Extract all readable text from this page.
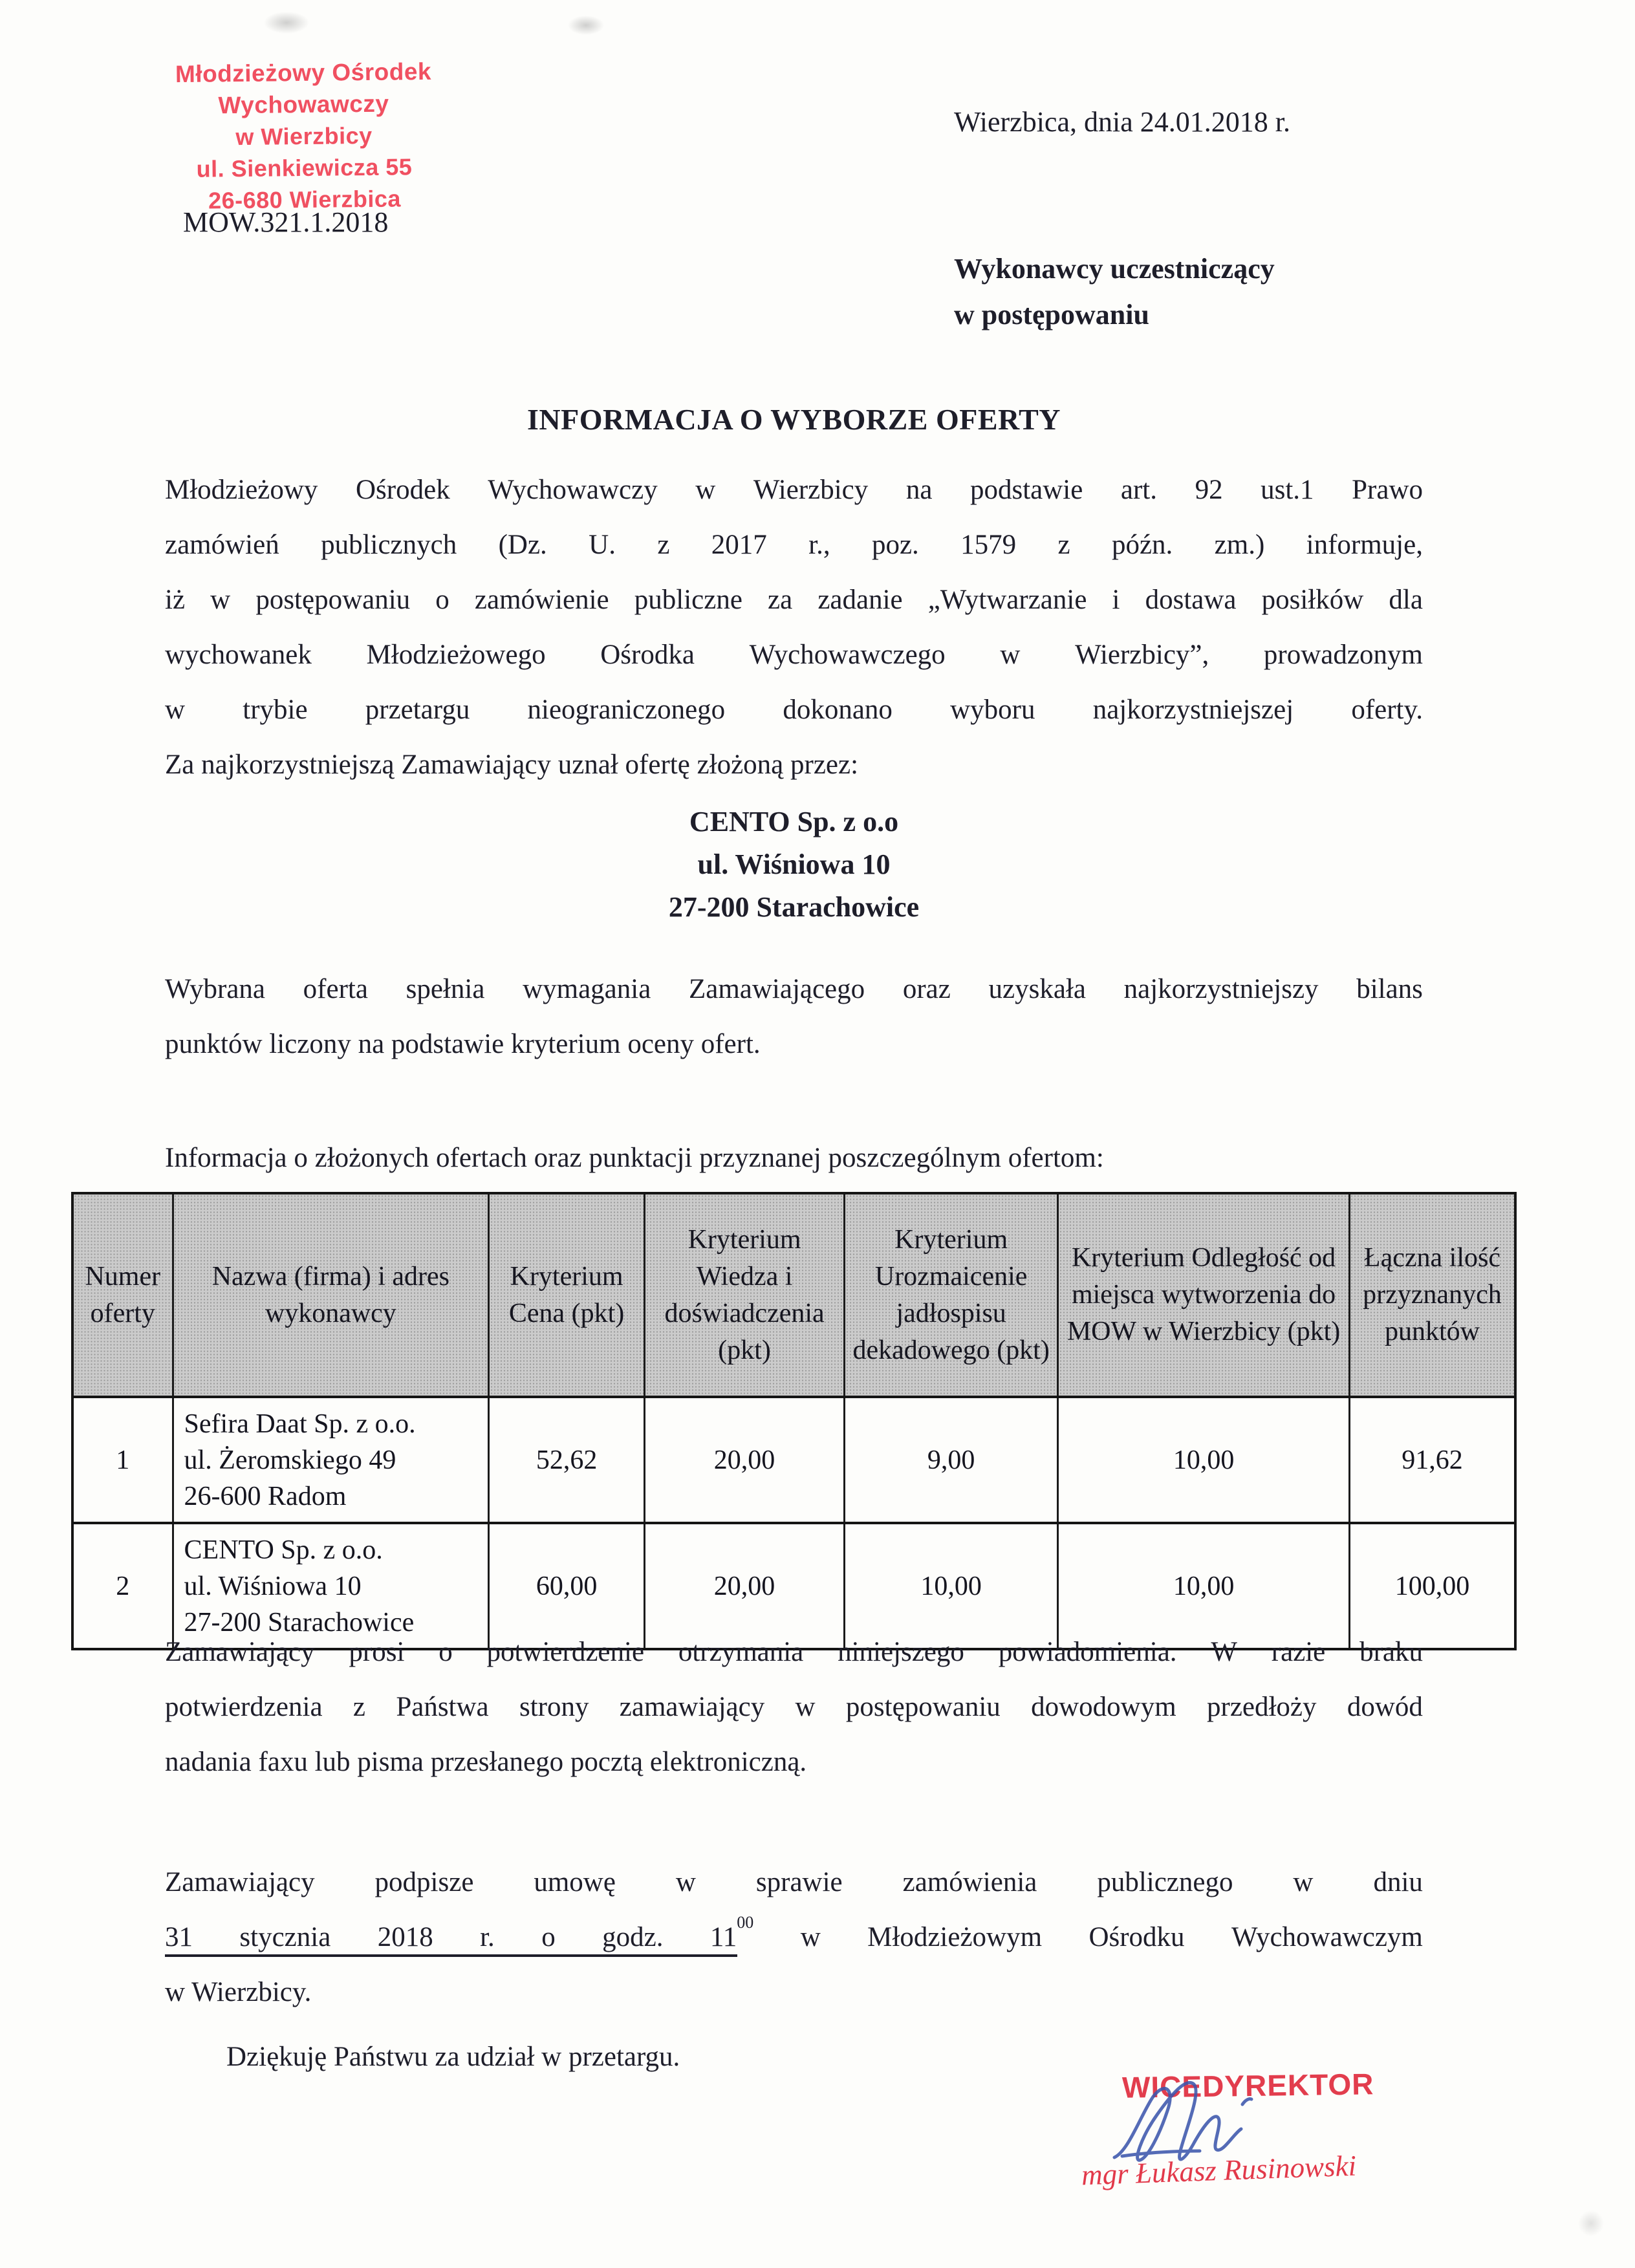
Młodzieżowy Ośrodek Wychowawczy
w Wierzbicy
ul. Sienkiewicza 55
26-680 Wierzbica
Wierzbica, dnia 24.01.2018 r.
MOW.321.1.2018
Wykonawcy uczestniczący
w postępowaniu
INFORMACJA O WYBORZE OFERTY
Młodzieżowy Ośrodek Wychowawczy w Wierzbicy na podstawie art. 92 ust.1 Prawo
zamówień publicznych (Dz. U. z 2017 r., poz. 1579 z późn. zm.) informuje,
iż w postępowaniu o zamówienie publiczne za zadanie „Wytwarzanie i dostawa posiłków dla
wychowanek Młodzieżowego Ośrodka Wychowawczego w Wierzbicy”, prowadzonym
w trybie przetargu nieograniczonego dokonano wyboru najkorzystniejszej oferty.
Za najkorzystniejszą Zamawiający uznał ofertę złożoną przez:
CENTO Sp. z o.o
ul. Wiśniowa 10
27-200 Starachowice
Wybrana oferta spełnia wymagania Zamawiającego oraz uzyskała najkorzystniejszy bilans
punktów liczony na podstawie kryterium oceny ofert.
Informacja o złożonych ofertach oraz punktacji przyznanej poszczególnym ofertom:
Numer oferty	Nazwa (firma) i adres wykonawcy	Kryterium Cena (pkt)	Kryterium Wiedza i doświadczenia (pkt)	Kryterium Urozmaicenie jadłospisu dekadowego (pkt)	Kryterium Odległość od miejsca wytworzenia do MOW w Wierzbicy (pkt)	Łączna ilość przyznanych punktów
1	Sefira Daat Sp. z o.o.
ul. Żeromskiego 49
26-600 Radom	52,62	20,00	9,00	10,00	91,62
2	CENTO Sp. z o.o.
ul. Wiśniowa 10
27-200 Starachowice	60,00	20,00	10,00	10,00	100,00
Zamawiający prosi o potwierdzenie otrzymania niniejszego powiadomienia. W razie braku
potwierdzenia z Państwa strony zamawiający w postępowaniu dowodowym przedłoży dowód
nadania faxu lub pisma przesłanego pocztą elektroniczną.
Zamawiający podpisze umowę w sprawie zamówienia publicznego w dniu
31 stycznia 2018 r. o godz. $11^{00}$ w Młodzieżowym Ośrodku Wychowawczym
w Wierzbicy.
Dziękuję Państwu za udział w przetargu.
WICEDYREKTOR
mgr Łukasz Rusinowski
